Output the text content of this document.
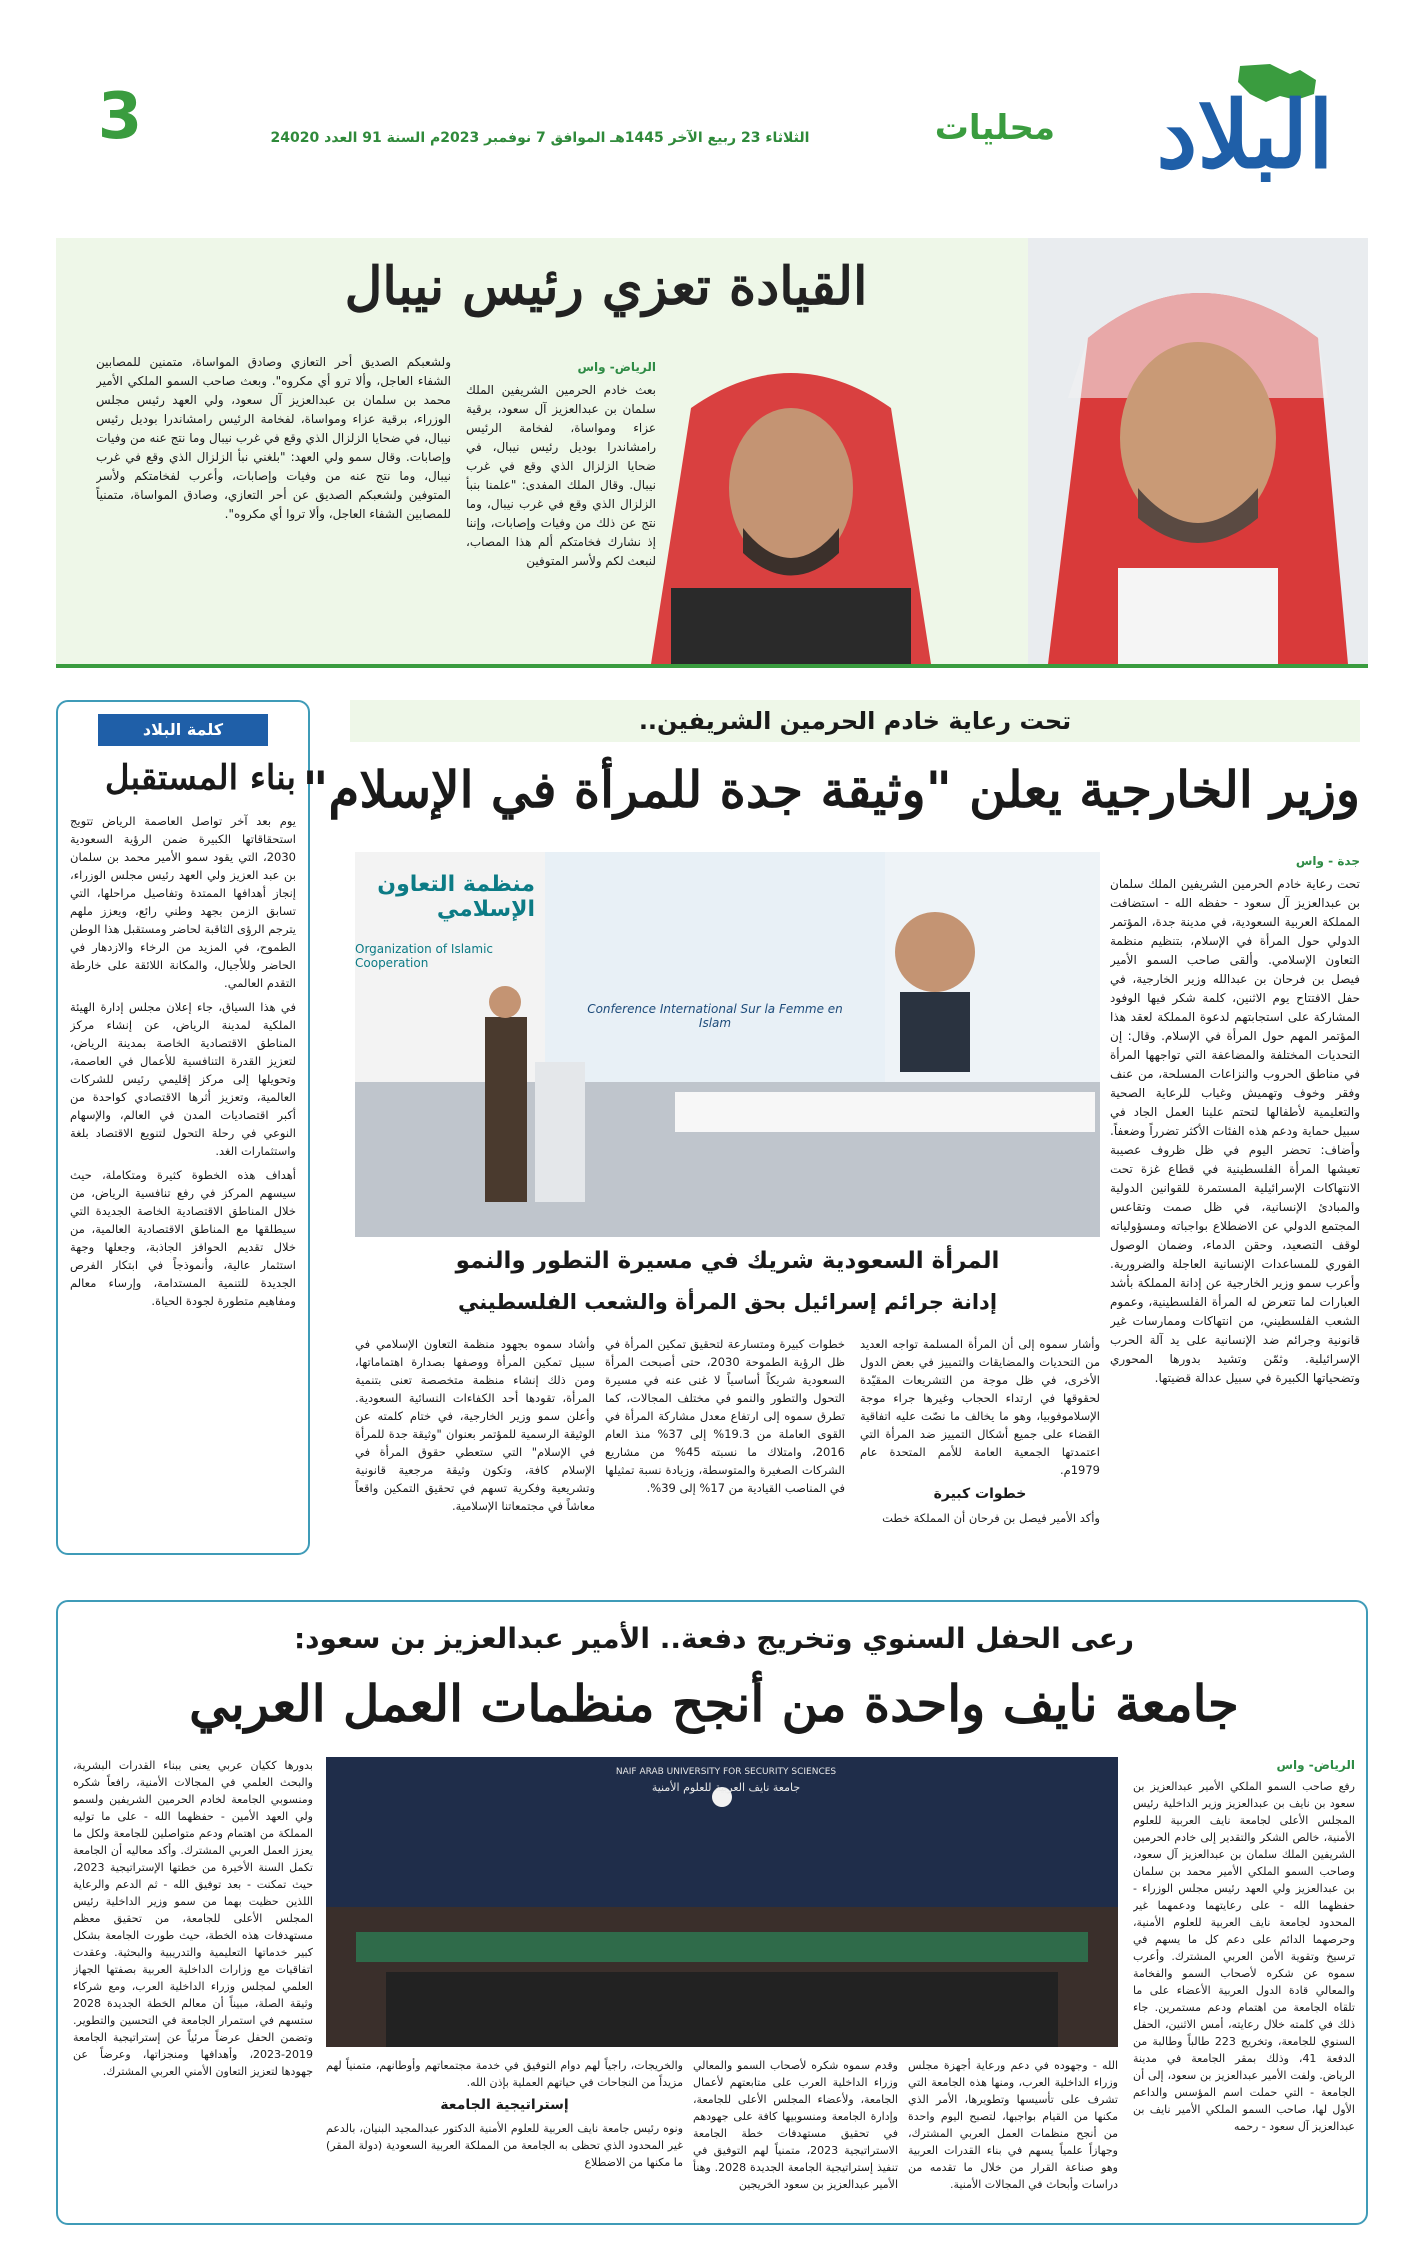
البلاد
محليات
الثلاثاء 23 ربيع الآخر 1445هـ الموافق 7 نوفمبر 2023م السنة 91 العدد 24020
3
القيادة تعزي رئيس نيبال
الرياض- واس
بعث خادم الحرمين الشريفين الملك سلمان بن عبدالعزيز آل سعود، برقية عزاء ومواساة، لفخامة الرئيس رامشاندرا بوديل رئيس نيبال، في ضحايا الزلزال الذي وقع في غرب نيبال. وقال الملك المفدى: "علمنا بنبأ الزلزال الذي وقع في غرب نيبال، وما نتج عن ذلك من وفيات وإصابات، وإننا إذ نشارك فخامتكم ألم هذا المصاب، لنبعث لكم ولأسر المتوفين
ولشعبكم الصديق أحر التعازي وصادق المواساة، متمنين للمصابين الشفاء العاجل، وألا ترو أي مكروه". وبعث صاحب السمو الملكي الأمير محمد بن سلمان بن عبدالعزيز آل سعود، ولي العهد رئيس مجلس الوزراء، برقية عزاء ومواساة، لفخامة الرئيس رامشاندرا بوديل رئيس نيبال، في ضحايا الزلزال الذي وقع في غرب نيبال وما نتج عنه من وفيات وإصابات. وقال سمو ولي العهد: "بلغني نبأ الزلزال الذي وقع في غرب نيبال، وما نتج عنه من وفيات وإصابات، وأعرب لفخامتكم ولأسر المتوفين ولشعبكم الصديق عن أحر التعازي، وصادق المواساة، متمنياً للمصابين الشفاء العاجل، وألا تروا أي مكروه".
كلمة البلاد
بناء المستقبل

يوم بعد آخر تواصل العاصمة الرياض تتويج استحقاقاتها الكبيرة ضمن الرؤية السعودية 2030، التي يقود سمو الأمير محمد بن سلمان بن عبد العزيز ولي العهد رئيس مجلس الوزراء، إنجاز أهدافها الممتدة وتفاصيل مراحلها، التي تسابق الزمن بجهد وطني رائع، ويعزز ملهم يترجم الرؤى الثاقبة لحاضر ومستقبل هذا الوطن الطموح، في المزيد من الرخاء والازدهار في الحاضر وللأجيال، والمكانة اللائقة على خارطة التقدم العالمي.

في هذا السياق، جاء إعلان مجلس إدارة الهيئة الملكية لمدينة الرياض، عن إنشاء مركز المناطق الاقتصادية الخاصة بمدينة الرياض، لتعزيز القدرة التنافسية للأعمال في العاصمة، وتحويلها إلى مركز إقليمي رئيس للشركات العالمية، وتعزيز أثرها الاقتصادي كواحدة من أكبر اقتصاديات المدن في العالم، والإسهام النوعي في رحلة التحول لتنويع الاقتصاد بلغة واستثمارات الغد.

أهداف هذه الخطوة كثيرة ومتكاملة، حيث سيسهم المركز في رفع تنافسية الرياض، من خلال المناطق الاقتصادية الخاصة الجديدة التي سيطلقها مع المناطق الاقتصادية العالمية، من خلال تقديم الحوافز الجاذبة، وجعلها وجهة استثمار عالية، وأنموذجاً في ابتكار الفرص الجديدة للتنمية المستدامة، وإرساء معالم ومفاهيم متطورة لجودة الحياة.

تحت رعاية خادم الحرمين الشريفين..
وزير الخارجية يعلن "وثيقة جدة للمرأة في الإسلام"
جدة - واس
تحت رعاية خادم الحرمين الشريفين الملك سلمان بن عبدالعزيز آل سعود - حفظه الله - استضافت المملكة العربية السعودية، في مدينة جدة، المؤتمر الدولي حول المرأة في الإسلام، بتنظيم منظمة التعاون الإسلامي. وألقى صاحب السمو الأمير فيصل بن فرحان بن عبدالله وزير الخارجية، في حفل الافتتاح يوم الاثنين، كلمة شكر فيها الوفود المشاركة على استجابتهم لدعوة المملكة لعقد هذا المؤتمر المهم حول المرأة في الإسلام. وقال: إن التحديات المختلفة والمضاعفة التي تواجهها المرأة في مناطق الحروب والنزاعات المسلحة، من عنف وفقر وخوف وتهميش وغياب للرعاية الصحية والتعليمية لأطفالها لتحتم علينا العمل الجاد في سبيل حماية ودعم هذه الفئات الأكثر تضرراً وضعفاً. وأضاف: تحضر اليوم في ظل ظروف عصيبة تعيشها المرأة الفلسطينية في قطاع غزة تحت الانتهاكات الإسرائيلية المستمرة للقوانين الدولية والمبادئ الإنسانية، في ظل صمت وتقاعس المجتمع الدولي عن الاضطلاع بواجباته ومسؤولياته لوقف التصعيد، وحقن الدماء، وضمان الوصول الفوري للمساعدات الإنسانية العاجلة والضرورية. وأعرب سمو وزير الخارجية عن إدانة المملكة بأشد العبارات لما تتعرض له المرأة الفلسطينية، وعموم الشعب الفلسطيني، من انتهاكات وممارسات غير قانونية وجرائم ضد الإنسانية على يد آلة الحرب الإسرائيلية. وثمّن وتشيد بدورها المحوري وتضحياتها الكبيرة في سبيل عدالة قضيتها.
منظمة التعاون الإسلامي
Organization of Islamic Cooperation
Conference International Sur la Femme en Islam
المرأة السعودية شريك في مسيرة التطور والنمو
إدانة جرائم إسرائيل بحق المرأة والشعب الفلسطيني

وأشار سموه إلى أن المرأة المسلمة تواجه العديد من التحديات والمضايقات والتمييز في بعض الدول الأخرى، في ظل موجة من التشريعات المقيّدة لحقوقها في ارتداء الحجاب وغيرها جراء موجة الإسلاموفوبيا، وهو ما يخالف ما نصّت عليه اتفاقية القضاء على جميع أشكال التمييز ضد المرأة التي اعتمدتها الجمعية العامة للأمم المتحدة عام 1979م.

خطوات كبيرة

وأكد الأمير فيصل بن فرحان أن المملكة خطت

خطوات كبيرة ومتسارعة لتحقيق تمكين المرأة في ظل الرؤية الطموحة 2030، حتى أصبحت المرأة السعودية شريكاً أساسياً لا غنى عنه في مسيرة التحول والتطور والنمو في مختلف المجالات، كما تطرق سموه إلى ارتفاع معدل مشاركة المرأة في القوى العاملة من 19.3% إلى 37% منذ العام 2016، وامتلاك ما نسبته 45% من مشاريع الشركات الصغيرة والمتوسطة، وزيادة نسبة تمثيلها في المناصب القيادية من 17% إلى 39%.

وأشاد سموه بجهود منظمة التعاون الإسلامي في سبيل تمكين المرأة ووصفها بصدارة اهتماماتها، ومن ذلك إنشاء منظمة متخصصة تعنى بتنمية المرأة، تقودها أحد الكفاءات النسائية السعودية. وأعلن سمو وزير الخارجية، في ختام كلمته عن الوثيقة الرسمية للمؤتمر بعنوان "وثيقة جدة للمرأة في الإسلام" التي ستعطي حقوق المرأة في الإسلام كافة، وتكون وثيقة مرجعية قانونية وتشريعية وفكرية تسهم في تحقيق التمكين واقعاً معاشاً في مجتمعاتنا الإسلامية.

رعى الحفل السنوي وتخريج دفعة.. الأمير عبدالعزيز بن سعود:
جامعة نايف واحدة من أنجح منظمات العمل العربي
الرياض- واس
رفع صاحب السمو الملكي الأمير عبدالعزيز بن سعود بن نايف بن عبدالعزيز وزير الداخلية رئيس المجلس الأعلى لجامعة نايف العربية للعلوم الأمنية، خالص الشكر والتقدير إلى خادم الحرمين الشريفين الملك سلمان بن عبدالعزيز آل سعود، وصاحب السمو الملكي الأمير محمد بن سلمان بن عبدالعزيز ولي العهد رئيس مجلس الوزراء - حفظهما الله - على رعايتهما ودعمهما غير المحدود لجامعة نايف العربية للعلوم الأمنية، وحرصهما الدائم على دعم كل ما يسهم في ترسيخ وتقوية الأمن العربي المشترك. وأعرب سموه عن شكره لأصحاب السمو والفخامة والمعالي قادة الدول العربية الأعضاء على ما تلقاه الجامعة من اهتمام ودعم مستمرين. جاء ذلك في كلمته خلال رعايته، أمس الاثنين، الحفل السنوي للجامعة، وتخريج 223 طالباً وطالبة من الدفعة 41، وذلك بمقر الجامعة في مدينة الرياض. ولفت الأمير عبدالعزيز بن سعود، إلى أن الجامعة - التي حملت اسم المؤسس والداعم الأول لها، صاحب السمو الملكي الأمير نايف بن عبدالعزيز آل سعود - رحمه
NAIF ARAB UNIVERSITY FOR SECURITY SCIENCES
جامعة نايف العربية للعلوم الأمنية
الله - وجهوده في دعم ورعاية أجهزة مجلس وزراء الداخلية العرب، ومنها هذه الجامعة التي تشرف على تأسيسها وتطويرها، الأمر الذي مكنها من القيام بواجبها، لتصبح اليوم واحدة من أنجح منظمات العمل العربي المشترك، وجهازاً علمياً يسهم في بناء القدرات العربية وهو صناعة القرار من خلال ما تقدمه من دراسات وأبحاث في المجالات الأمنية.
وقدم سموه شكره لأصحاب السمو والمعالي وزراء الداخلية العرب على متابعتهم لأعمال الجامعة، ولأعضاء المجلس الأعلى للجامعة، وإدارة الجامعة ومنسوبيها كافة على جهودهم في تحقيق مستهدفات خطة الجامعة الاستراتيجية 2023، متمنياً لهم التوفيق في تنفيذ إستراتيجية الجامعة الجديدة 2028. وهنأ الأمير عبدالعزيز بن سعود الخريجين
والخريجات، راجياً لهم دوام التوفيق في خدمة مجتمعاتهم وأوطانهم، متمنياً لهم مزيداً من النجاحات في حياتهم العملية بإذن الله.
إستراتيجية الجامعة
ونوه رئيس جامعة نايف العربية للعلوم الأمنية الدكتور عبدالمجيد البنيان، بالدعم غير المحدود الذي تحظى به الجامعة من المملكة العربية السعودية (دولة المقر) ما مكنها من الاضطلاع
بدورها ككيان عربي يعنى ببناء القدرات البشرية، والبحث العلمي في المجالات الأمنية، رافعاً شكره ومنسوبي الجامعة لخادم الحرمين الشريفين ولسمو ولي العهد الأمين - حفظهما الله - على ما توليه المملكة من اهتمام ودعم متواصلين للجامعة ولكل ما يعزز العمل العربي المشترك. وأكد معاليه أن الجامعة تكمل السنة الأخيرة من خطتها الإستراتيجية 2023، حيث تمكنت - بعد توفيق الله - ثم الدعم والرعاية اللذين حظيت بهما من سمو وزير الداخلية رئيس المجلس الأعلى للجامعة، من تحقيق معظم مستهدفات هذه الخطة، حيث طورت الجامعة بشكل كبير خدماتها التعليمية والتدريبية والبحثية. وعقدت اتفاقيات مع وزارات الداخلية العربية بصفتها الجهاز العلمي لمجلس وزراء الداخلية العرب، ومع شركاء وثيقة الصلة، مبيناً أن معالم الخطة الجديدة 2028 ستسهم في استمرار الجامعة في التحسين والتطوير. وتضمن الحفل عرضاً مرئياً عن إستراتيجية الجامعة 2019-2023، وأهدافها ومنجزاتها، وعرضاً عن جهودها لتعزيز التعاون الأمني العربي المشترك.
